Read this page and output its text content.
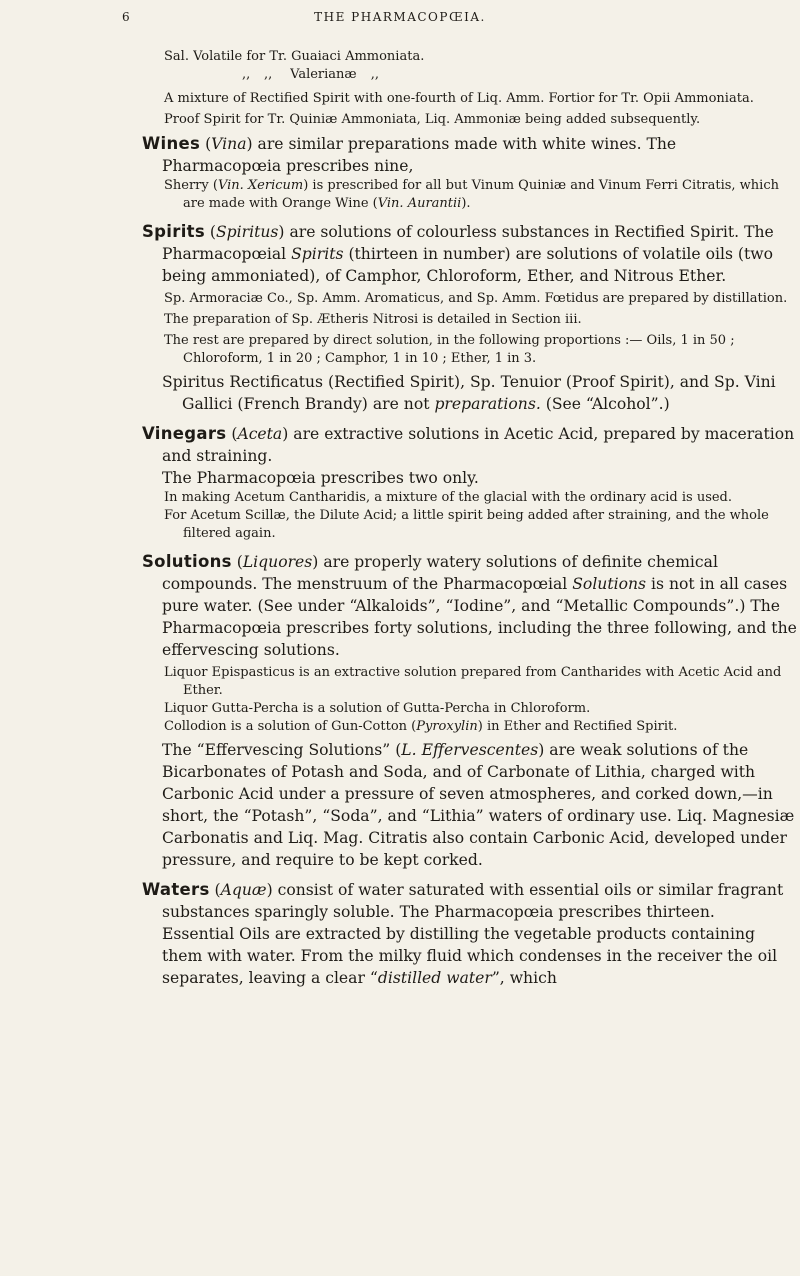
6	THE PHARMACOPŒIA.
Sal. Volatile for Tr. Guaiaci Ammoniata.
,, ,, Valerianæ ,,

A mixture of Rectified Spirit with one-fourth of Liq. Amm. Fortior for Tr. Opii Ammoniata.

Proof Spirit for Tr. Quiniæ Ammoniata, Liq. Ammoniæ being added subsequently.

Wines (Vina) are similar preparations made with white wines. The Pharmacopœia prescribes nine,

Sherry (Vin. Xericum) is prescribed for all but Vinum Quiniæ and Vinum Ferri Citratis, which are made with Orange Wine (Vin. Aurantii).

Spirits (Spiritus) are solutions of colourless substances in Rectified Spirit. The Pharmacopœial Spirits (thirteen in number) are solutions of volatile oils (two being ammoniated), of Camphor, Chloroform, Ether, and Nitrous Ether.

Sp. Armoraciæ Co., Sp. Amm. Aromaticus, and Sp. Amm. Fœtidus are prepared by distillation.

The preparation of Sp. Ætheris Nitrosi is detailed in Section iii.

The rest are prepared by direct solution, in the following proportions :— Oils, 1 in 50 ; Chloroform, 1 in 20 ; Camphor, 1 in 10 ; Ether, 1 in 3.

Spiritus Rectificatus (Rectified Spirit), Sp. Tenuior (Proof Spirit), and Sp. Vini Gallici (French Brandy) are not preparations. (See “Alcohol”.)

Vinegars (Aceta) are extractive solutions in Acetic Acid, prepared by maceration and straining.

The Pharmacopœia prescribes two only.

In making Acetum Cantharidis, a mixture of the glacial with the ordinary acid is used.

For Acetum Scillæ, the Dilute Acid; a little spirit being added after straining, and the whole filtered again.

Solutions (Liquores) are properly watery solutions of definite chemical compounds. The menstruum of the Pharmacopœial Solutions is not in all cases pure water. (See under “Alkaloids”, “Iodine”, and “Metallic Compounds”.) The Pharmacopœia prescribes forty solutions, including the three following, and the effervescing solutions.

Liquor Epispasticus is an extractive solution prepared from Cantharides with Acetic Acid and Ether.

Liquor Gutta-Percha is a solution of Gutta-Percha in Chloroform.

Collodion is a solution of Gun-Cotton (Pyroxylin) in Ether and Rectified Spirit.

The “Effervescing Solutions” (L. Effervescentes) are weak solutions of the Bicarbonates of Potash and Soda, and of Carbonate of Lithia, charged with Carbonic Acid under a pressure of seven atmospheres, and corked down,—in short, the “Potash”, “Soda”, and “Lithia” waters of ordinary use. Liq. Magnesiæ Carbonatis and Liq. Mag. Citratis also contain Carbonic Acid, developed under pressure, and require to be kept corked.

Waters (Aquæ) consist of water saturated with essential oils or similar fragrant substances sparingly soluble. The Pharmacopœia prescribes thirteen.

Essential Oils are extracted by distilling the vegetable products containing them with water. From the milky fluid which condenses in the receiver the oil separates, leaving a clear “distilled water”, which
